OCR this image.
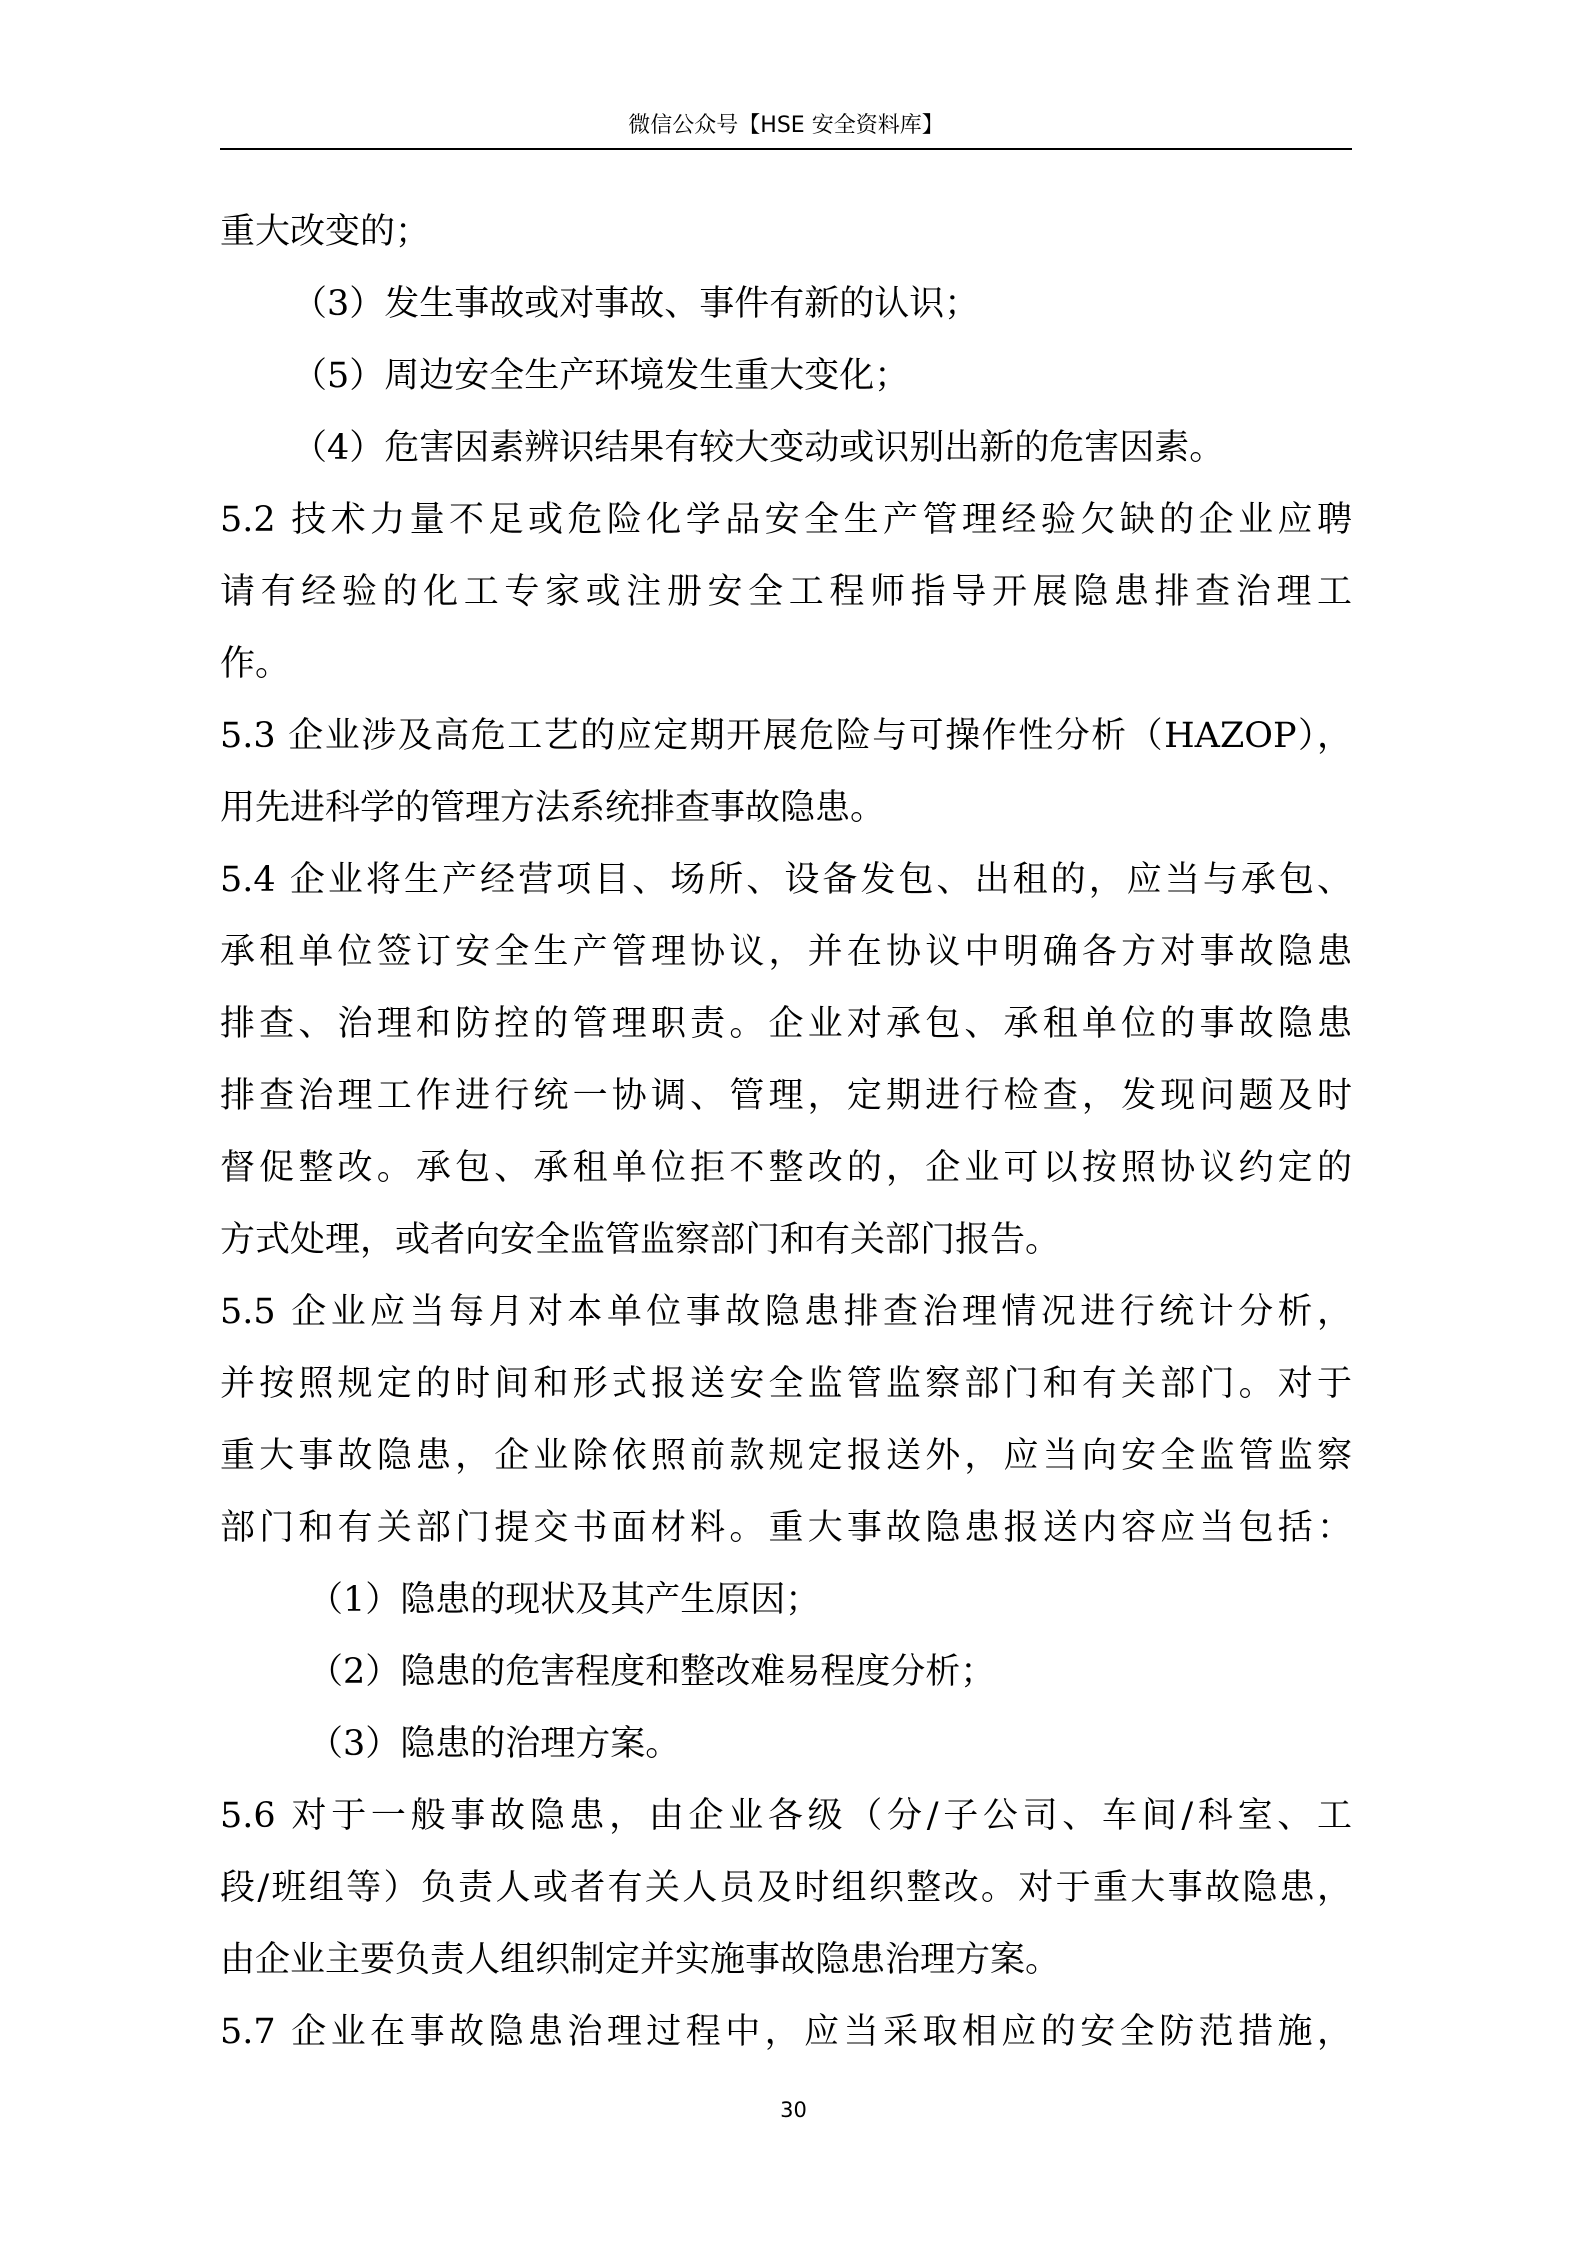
微信公众号【HSE 安全资料库】
重大改变的；
（3）发生事故或对事故、事件有新的认识；
（5）周边安全生产环境发生重大变化；
（4）危害因素辨识结果有较大变动或识别出新的危害因素。
5.2 技术力量不足或危险化学品安全生产管理经验欠缺的企业应聘
请有经验的化工专家或注册安全工程师指导开展隐患排查治理工
作。
5.3 企业涉及高危工艺的应定期开展危险与可操作性分析（HAZOP），
用先进科学的管理方法系统排查事故隐患。
5.4 企业将生产经营项目、场所、设备发包、出租的，应当与承包、
承租单位签订安全生产管理协议，并在协议中明确各方对事故隐患
排查、治理和防控的管理职责。企业对承包、承租单位的事故隐患
排查治理工作进行统一协调、管理，定期进行检查，发现问题及时
督促整改。承包、承租单位拒不整改的，企业可以按照协议约定的
方式处理，或者向安全监管监察部门和有关部门报告。
5.5 企业应当每月对本单位事故隐患排查治理情况进行统计分析，
并按照规定的时间和形式报送安全监管监察部门和有关部门。对于
重大事故隐患，企业除依照前款规定报送外，应当向安全监管监察
部门和有关部门提交书面材料。重大事故隐患报送内容应当包括：
（1）隐患的现状及其产生原因；
（2）隐患的危害程度和整改难易程度分析；
（3）隐患的治理方案。
5.6 对于一般事故隐患，由企业各级（分/子公司、车间/科室、工
段/班组等）负责人或者有关人员及时组织整改。对于重大事故隐患，
由企业主要负责人组织制定并实施事故隐患治理方案。
5.7 企业在事故隐患治理过程中，应当采取相应的安全防范措施，
30
